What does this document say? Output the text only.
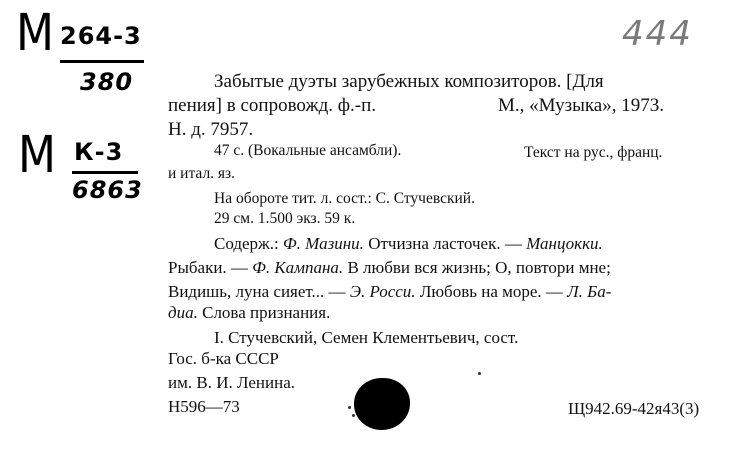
М 264-3
380
М К-3
6863
444
Забытые дуэты зарубежных композиторов. [Для
пения] в сопровожд. ф.-п.	М., «Музыка», 1973.
Н. д. 7957.
47 с. (Вокальные ансамбли).	Текст на рус., франц.
и итал. яз.
На обороте тит. л. сост.: С. Стучевский.
29 см. 1.500 экз. 59 к.
Содерж.: Ф. Мазини. Отчизна ласточек. — Манцокки.
Рыбаки. — Ф. Кампана. В любви вся жизнь; О, повтори мне;
Видишь, луна сияет... — Э. Росси. Любовь на море. — Л. Ба-
диа. Слова признания.
I. Стучевский, Семен Клементьевич, сост.
Гос. б-ка СССР
им. В. И. Ленина.
Н596—73	Щ942.69-42я43(3)
